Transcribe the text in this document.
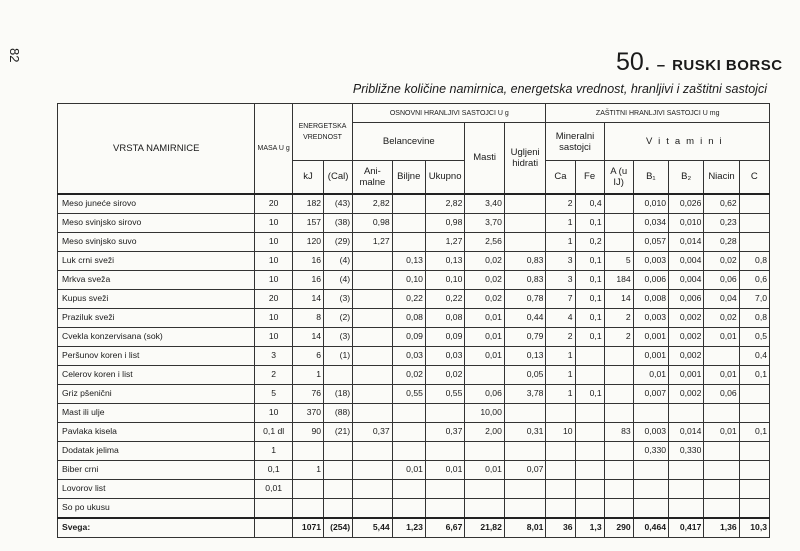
82	50. – RUSKI BORSC
Približne količine namirnica, energetska vrednost, hranljivi i zaštitni sastojci
VRSTA NAMIRNICE	MASA U g	ENERGETSKA VREDNOST		OSNOVNI HRANLJIVI SASTOJCI U g					ZAŠTITNI HRANLJIVI SASTOJCI U mg						
				Belancevine			Masti	Ugljeni hidrati	Mineralni sastojci		Vitamini				
		kJ	(Cal)	Ani- malne	Biljne	Ukupno			Ca	Fe	A (u IJ)	B₁	B₂	Niacin	C
Meso juneće sirovo	20	182	(43)	2,82		2,82	3,40		2	0,4		0,010	0,026	0,62	
Meso svinjsko sirovo	10	157	(38)	0,98		0,98	3,70		1	0,1		0,034	0,010	0,23	
Meso svinjsko suvo	10	120	(29)	1,27		1,27	2,56		1	0,2		0,057	0,014	0,28	
Luk crni sveži	10	16	(4)		0,13	0,13	0,02	0,83	3	0,1	5	0,003	0,004	0,02	0,8
Mrkva sveža	10	16	(4)		0,10	0,10	0,02	0,83	3	0,1	184	0,006	0,004	0,06	0,6
Kupus sveži	20	14	(3)		0,22	0,22	0,02	0,78	7	0,1	14	0,008	0,006	0,04	7,0
Praziluk sveži	10	8	(2)		0,08	0,08	0,01	0,44	4	0,1	2	0,003	0,002	0,02	0,8
Cvekla konzervisana (sok)	10	14	(3)		0,09	0,09	0,01	0,79	2	0,1	2	0,001	0,002	0,01	0,5
Peršunov koren i list	3	6	(1)		0,03	0,03	0,01	0,13	1			0,001	0,002		0,4
Celerov koren i list	2	1			0,02	0,02		0,05	1			0,01	0,001	0,01	0,1
Griz pšenični	5	76	(18)		0,55	0,55	0,06	3,78	1	0,1		0,007	0,002	0,06	
Mast ili ulje	10	370	(88)				10,00								
Pavlaka kisela	0,1 dl	90	(21)	0,37		0,37	2,00	0,31	10		83	0,003	0,014	0,01	0,1
Dodatak jelima	1											0,330	0,330		
Biber crni	0,1	1			0,01	0,01	0,01	0,07							
Lovorov list	0,01														
So po ukusu															
Svega:		1071	(254)	5,44	1,23	6,67	21,82	8,01	36	1,3	290	0,464	0,417	1,36	10,3
